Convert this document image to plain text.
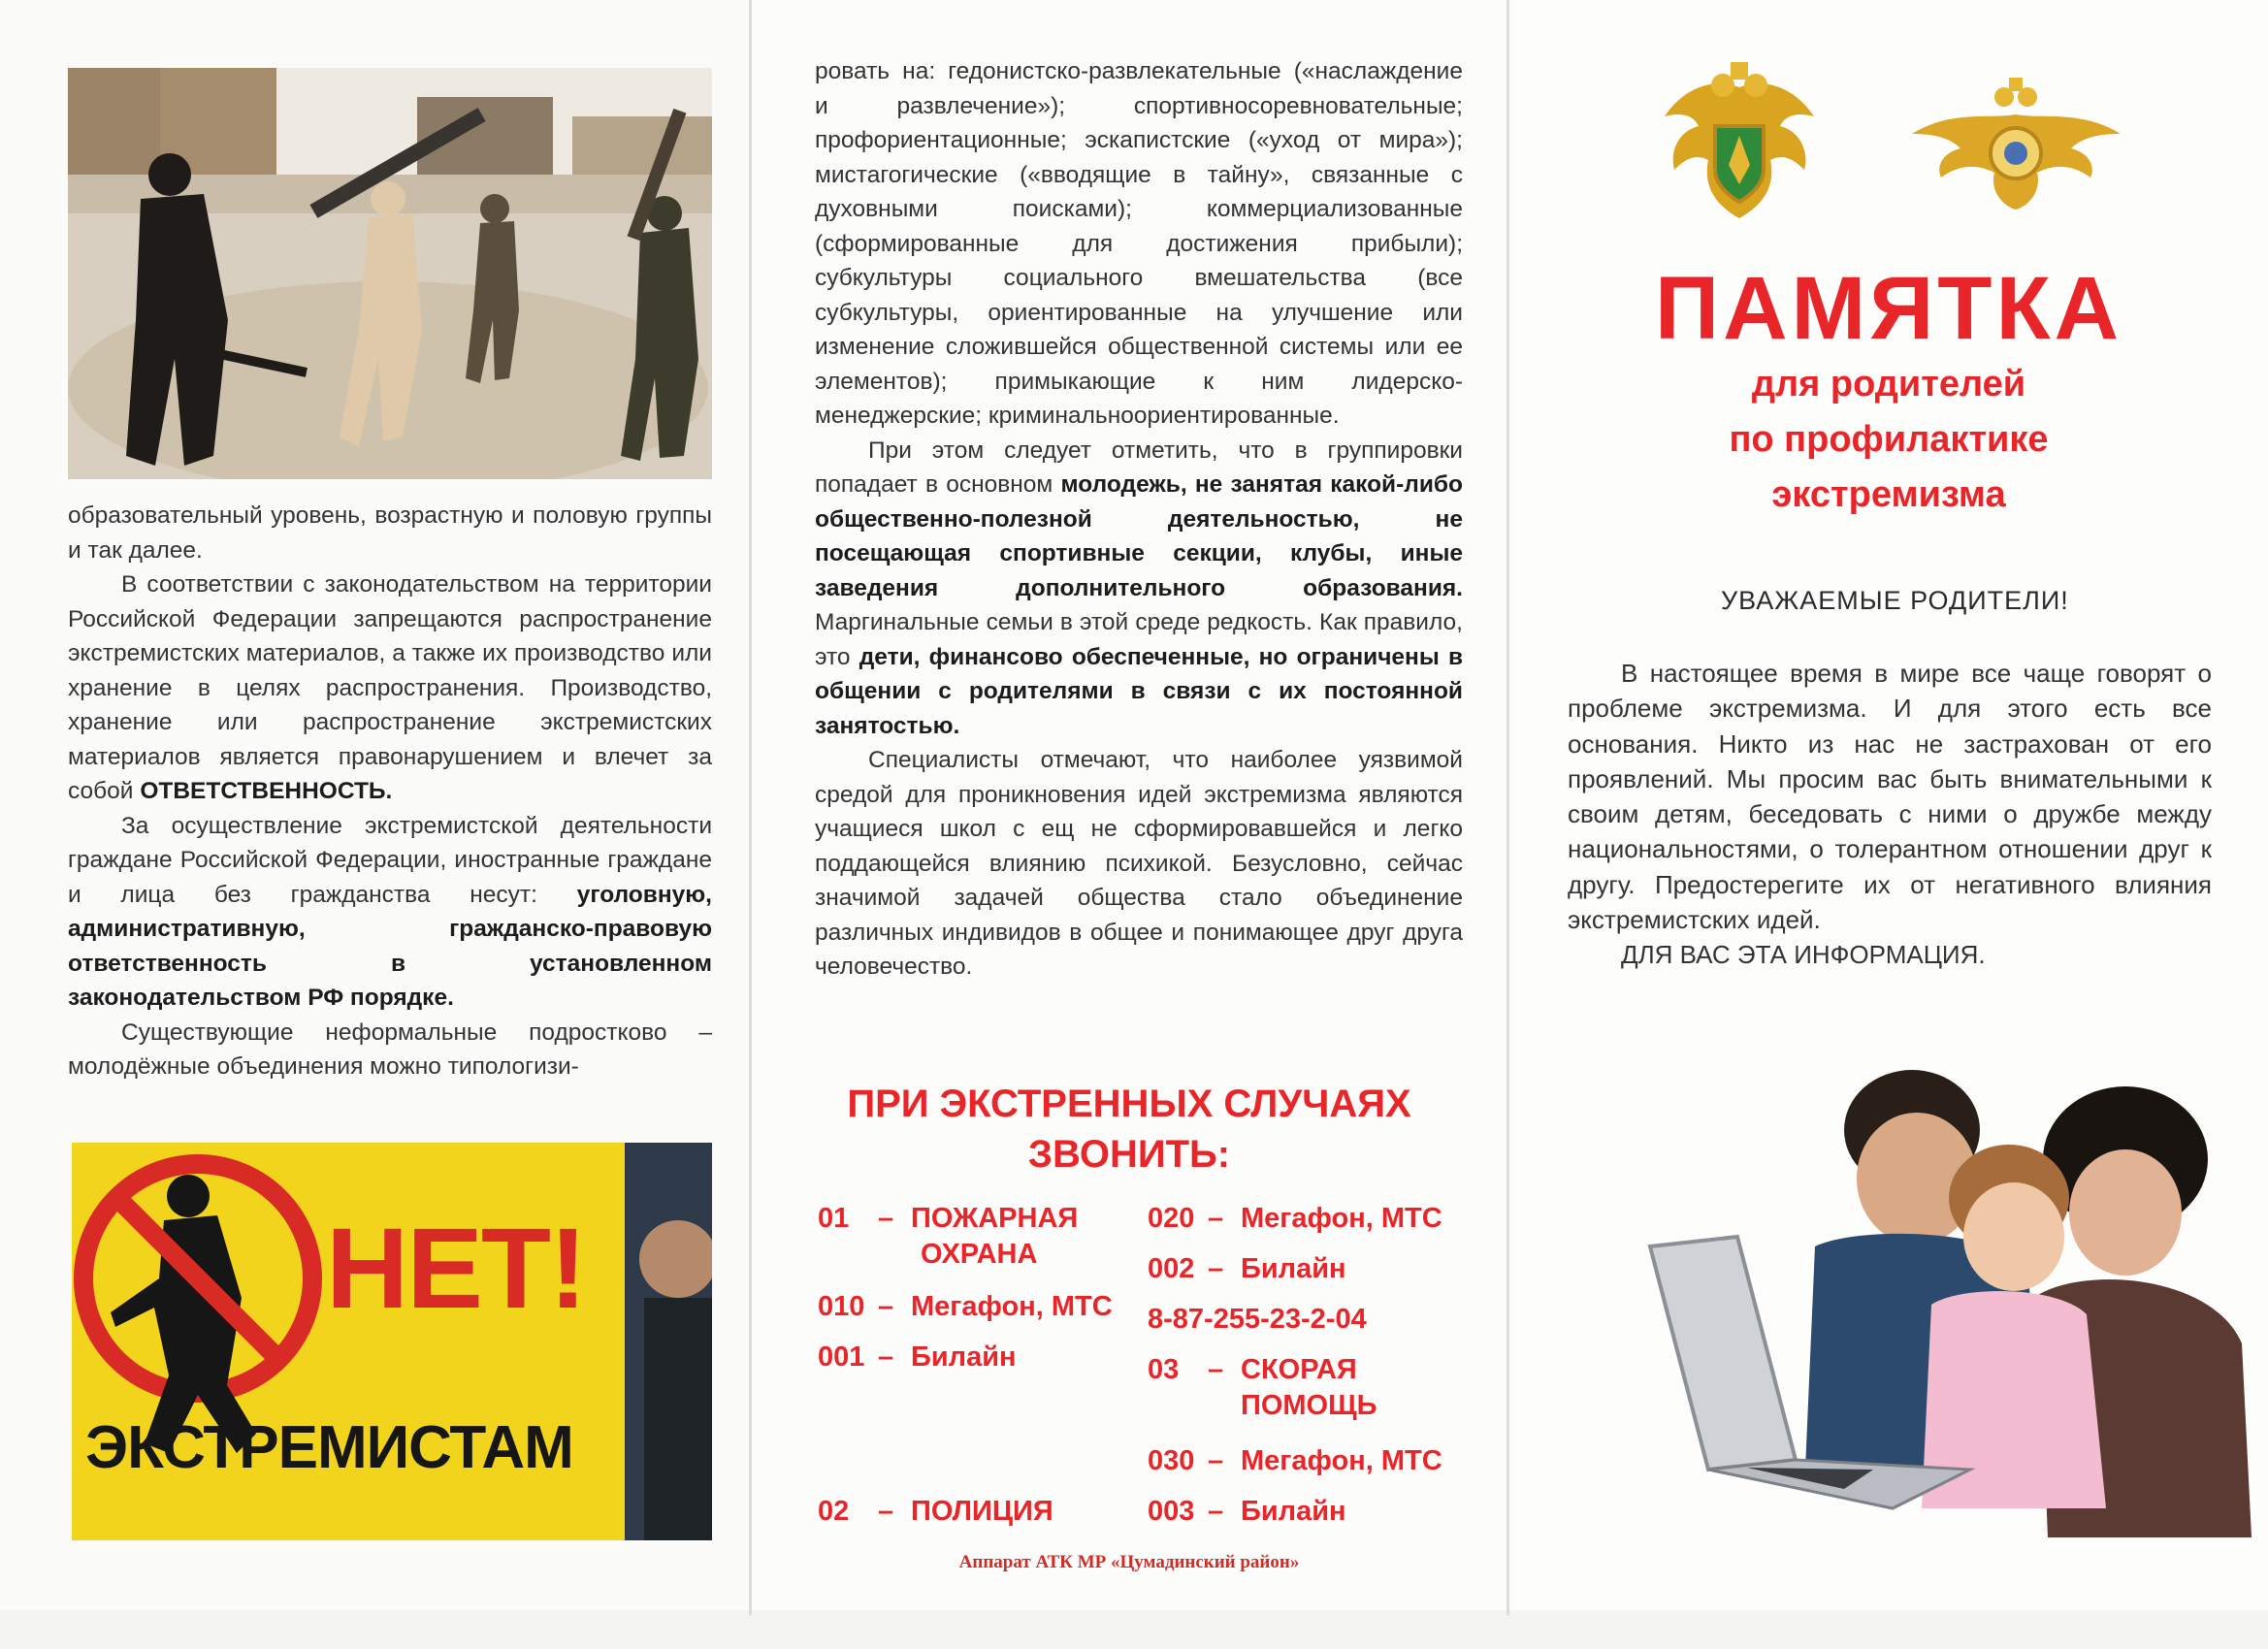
образовательный уровень, возрастную и половую группы и так далее.

В соответствии с законодательством на территории Российской Федерации запрещаются распространение экстремистских материалов, а также их производство или хранение в целях распространения. Производство, хранение или распространение экстремистских материалов является правонарушением и влечет за собой ОТВЕТСТВЕННОСТЬ.

За осуществление экстремистской деятельности граждане Российской Федерации, иностранные граждане и лица без гражданства несут: уголовную, административную, гражданско-правовую ответственность в установленном законодательством РФ порядке.

Существующие неформальные подростково – молодёжные объединения можно типологизи-

НЕТ!
ЭКСТРЕМИСТАМ

ровать на: гедонистско-развлекательные («наслаждение и развлечение»); спортивносоревновательные; профориентационные; эскапистские («уход от мира»); мистагогические («вводящие в тайну», связанные с духовными поисками); коммерциализованные (сформированные для достижения прибыли); субкультуры социального вмешательства (все субкультуры, ориентированные на улучшение или изменение сложившейся общественной системы или ее элементов); примыкающие к ним лидерско-менеджерские; криминальноориентированные.

При этом следует отметить, что в группировки попадает в основном молодежь, не занятая какой-либо общественно-полезной деятельностью, не посещающая спортивные секции, клубы, иные заведения дополнительного образования. Маргинальные семьи в этой среде редкость. Как правило, это дети, финансово обеспеченные, но ограничены в общении с родителями в связи с их постоянной занятостью.

Специалисты отмечают, что наиболее уязвимой средой для проникновения идей экстремизма являются учащиеся школ с ещ не сформировавшейся и легко поддающейся влиянию психикой. Безусловно, сейчас значимой задачей общества стало объединение различных индивидов в общее и понимающее друг друга человечество.

ПРИ ЭКСТРЕННЫХ СЛУЧАЯХ
ЗВОНИТЬ:
01 – ПОЖАРНАЯ
ОХРАНА
010 – Мегафон, МТС
001 – Билайн
02 – ПОЛИЦИЯ
020 – Мегафон, МТС
002 – Билайн
8-87-255-23-2-04
03 – СКОРАЯ
ПОМОЩЬ
030 – Мегафон, МТС
003 – Билайн
Аппарат АТК МР «Цумадинский район»
ПАМЯТКА
для родителей
по профилактике
экстремизма
УВАЖАЕМЫЕ РОДИТЕЛИ!

В настоящее время в мире все чаще говорят о проблеме экстремизма. И для этого есть все основания. Никто из нас не застрахован от его проявлений. Мы просим вас быть внимательными к своим детям, беседовать с ними о дружбе между национальностями, о толерантном отношении друг к другу. Предостерегите их от негативного влияния экстремистских идей.

ДЛЯ ВАС ЭТА ИНФОРМАЦИЯ.
